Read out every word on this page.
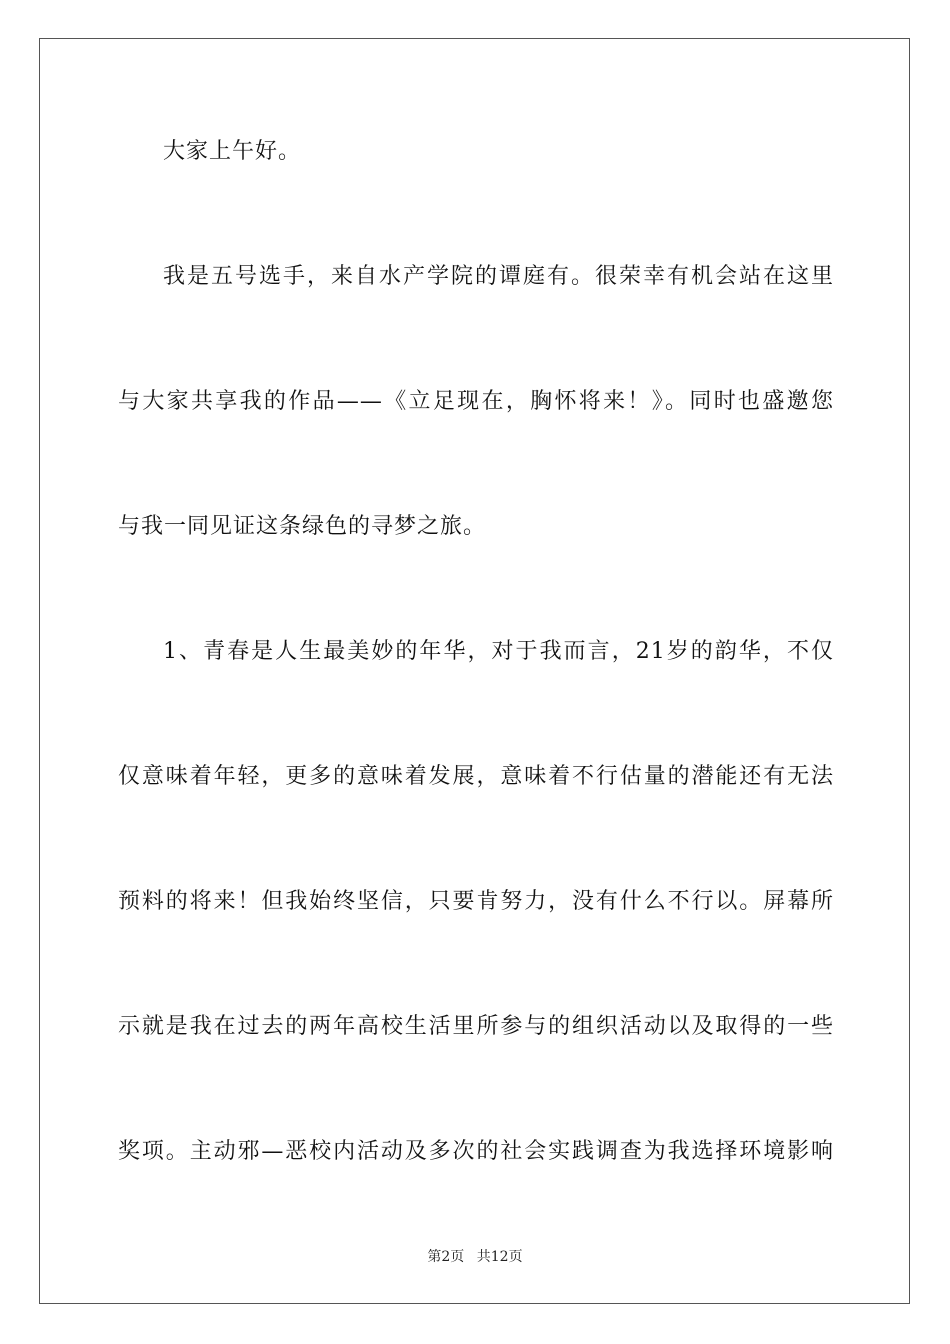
大家上午好。
我是五号选手，来自水产学院的谭庭有。很荣幸有机会站在这里
与大家共享我的作品——《立足现在，胸怀将来！》。同时也盛邀您
与我一同见证这条绿色的寻梦之旅。
1、青春是人生最美妙的年华，对于我而言，21岁的韵华，不仅
仅意味着年轻，更多的意味着发展，意味着不行估量的潜能还有无法
预料的将来！但我始终坚信，只要肯努力，没有什么不行以。屏幕所
示就是我在过去的两年高校生活里所参与的组织活动以及取得的一些
奖项。主动邪—恶校内活动及多次的社会实践调查为我选择环境影响
第2页 共12页
